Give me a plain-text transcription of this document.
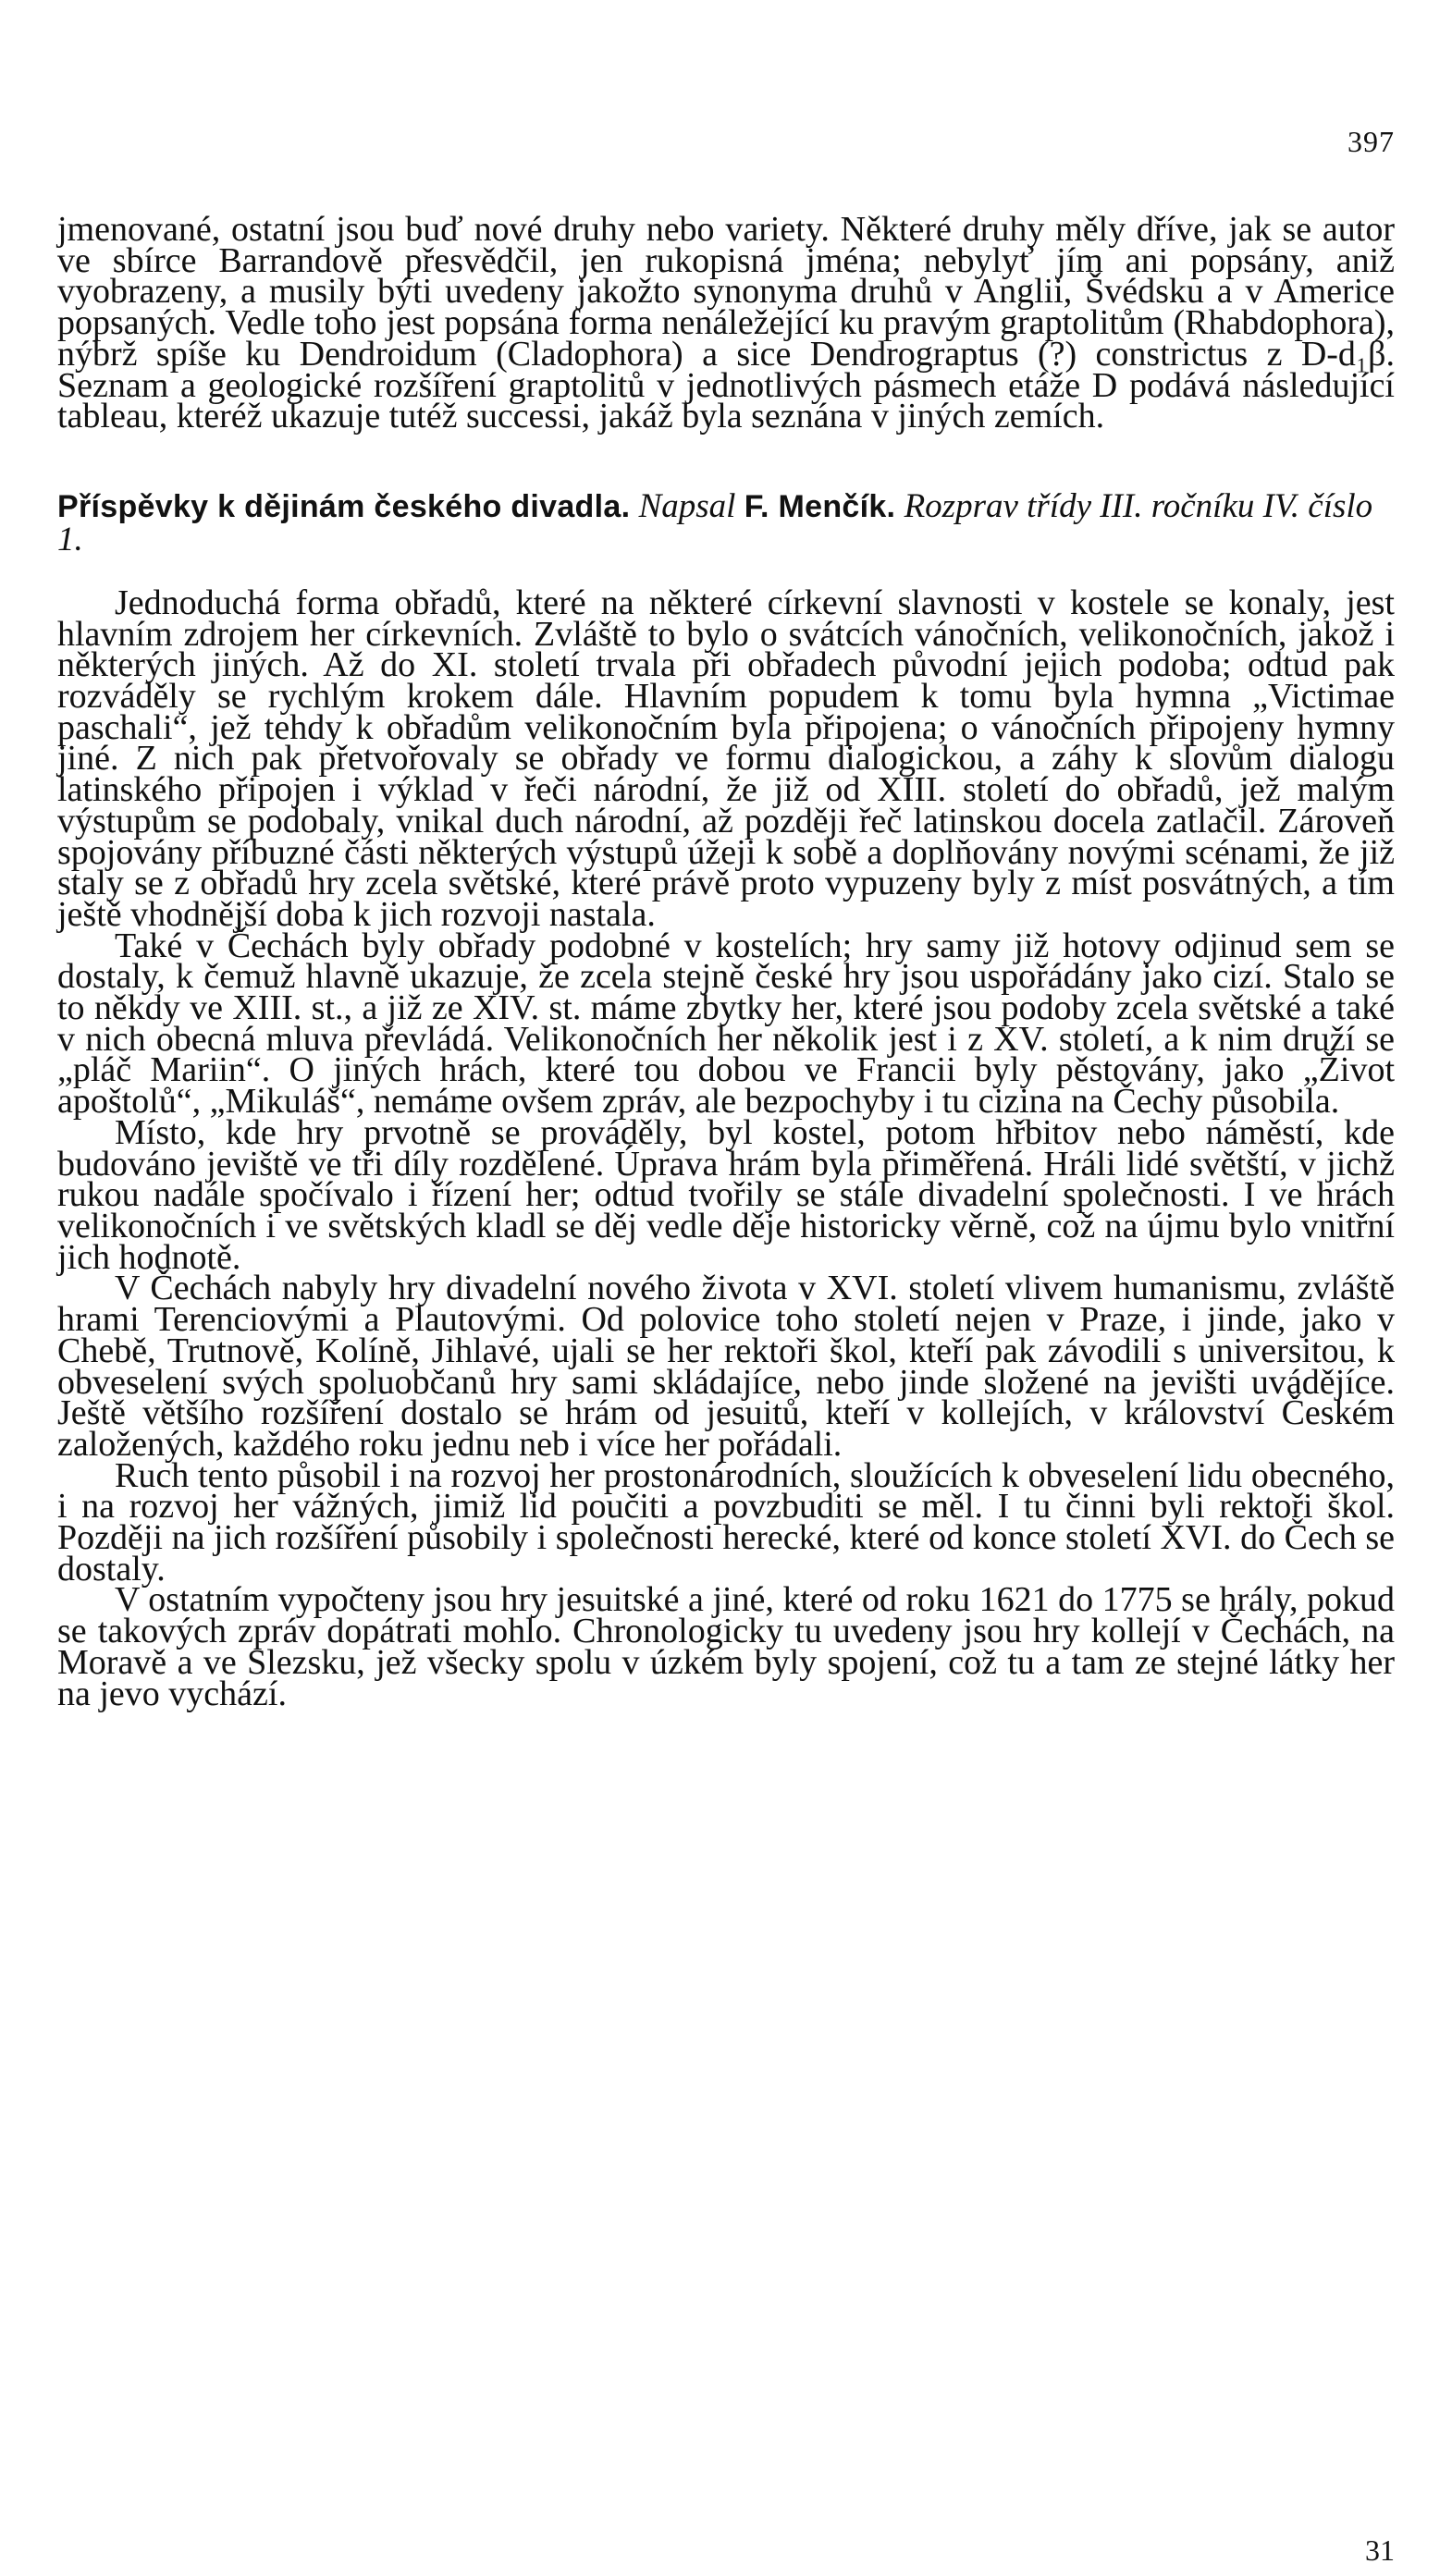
397

jmenované, ostatní jsou buď nové druhy nebo variety. Některé druhy měly dříve, jak se autor ve sbírce Barrandově přesvědčil, jen rukopisná jména; nebylyť jím ani popsány, aniž vyobrazeny, a musily býti uvedeny jakožto synonyma druhů v Anglii, Švédsku a v Americe popsaných. Vedle toho jest popsána forma nenáležející ku pravým graptolitům (Rhabdophora), nýbrž spíše ku Dendroidum (Cladophora) a sice Dendrograptus (?) constrictus z D-d₁β. Seznam a geologické rozšíření graptolitů v jednotlivých pásmech etáže D podává následující tableau, kteréž ukazuje tutéž successi, jakáž byla seznána v jiných zemích.

Příspěvky k dějinám českého divadla. Napsal F. Menčík. Rozprav třídy III. ročníku IV. číslo 1.

Jednoduchá forma obřadů, které na některé církevní slavnosti v kostele se konaly, jest hlavním zdrojem her církevních. Zvláště to bylo o svátcích vánočních, velikonočních, jakož i některých jiných. Až do XI. století trvala při obřadech původní jejich podoba; odtud pak rozváděly se rychlým krokem dále. Hlavním popudem k tomu byla hymna „Victimae paschali“, jež tehdy k obřadům velikonočním byla připojena; o vánočních připojeny hymny jiné. Z nich pak přetvořovaly se obřady ve formu dialogickou, a záhy k slovům dialogu latinského připojen i výklad v řeči národní, že již od XIII. století do obřadů, jež malým výstupům se podobaly, vnikal duch národní, až později řeč latinskou docela zatlačil. Zároveň spojovány příbuzné části některých výstupů úžeji k sobě a doplňovány novými scénami, že již staly se z obřadů hry zcela světské, které právě proto vypuzeny byly z míst posvátných, a tím ještě vhodnější doba k jich rozvoji nastala.

Také v Čechách byly obřady podobné v kostelích; hry samy již hotovy odjinud sem se dostaly, k čemuž hlavně ukazuje, že zcela stejně české hry jsou uspořádány jako cizí. Stalo se to někdy ve XIII. st., a již ze XIV. st. máme zbytky her, které jsou podoby zcela světské a také v nich obecná mluva převládá. Velikonočních her několik jest i z XV. století, a k nim druží se „pláč Mariin“. O jiných hrách, které tou dobou ve Francii byly pěstovány, jako „Život apoštolů“, „Mikuláš“, nemáme ovšem zpráv, ale bezpochyby i tu cizina na Čechy působila.

Místo, kde hry prvotně se prováděly, byl kostel, potom hřbitov nebo náměstí, kde budováno jeviště ve tři díly rozdělené. Úprava hrám byla přiměřená. Hráli lidé světští, v jichž rukou nadále spočívalo i řízení her; odtud tvořily se stále divadelní společnosti. I ve hrách velikonočních i ve světských kladl se děj vedle děje historicky věrně, což na újmu bylo vnitřní jich hodnotě.

V Čechách nabyly hry divadelní nového života v XVI. století vlivem humanismu, zvláště hrami Terenciovými a Plautovými. Od polovice toho století nejen v Praze, i jinde, jako v Chebě, Trutnově, Kolíně, Jihlavé, ujali se her rektoři škol, kteří pak závodili s universitou, k obveselení svých spoluobčanů hry sami skládajíce, nebo jinde složené na jevišti uvádějíce. Ještě většího rozšíření dostalo se hrám od jesuitů, kteří v kollejích, v království Českém založených, každého roku jednu neb i více her pořádali.

Ruch tento působil i na rozvoj her prostonárodních, sloužících k obveselení lidu obecného, i na rozvoj her vážných, jimiž lid poučiti a povzbuditi se měl. I tu činni byli rektoři škol. Později na jich rozšíření působily i společnosti herecké, které od konce století XVI. do Čech se dostaly.

V ostatním vypočteny jsou hry jesuitské a jiné, které od roku 1621 do 1775 se hrály, pokud se takových zpráv dopátrati mohlo. Chronologicky tu uvedeny jsou hry kollejí v Čechách, na Moravě a ve Slezsku, jež všecky spolu v úzkém byly spojení, což tu a tam ze stejné látky her na jevo vychází.

31
